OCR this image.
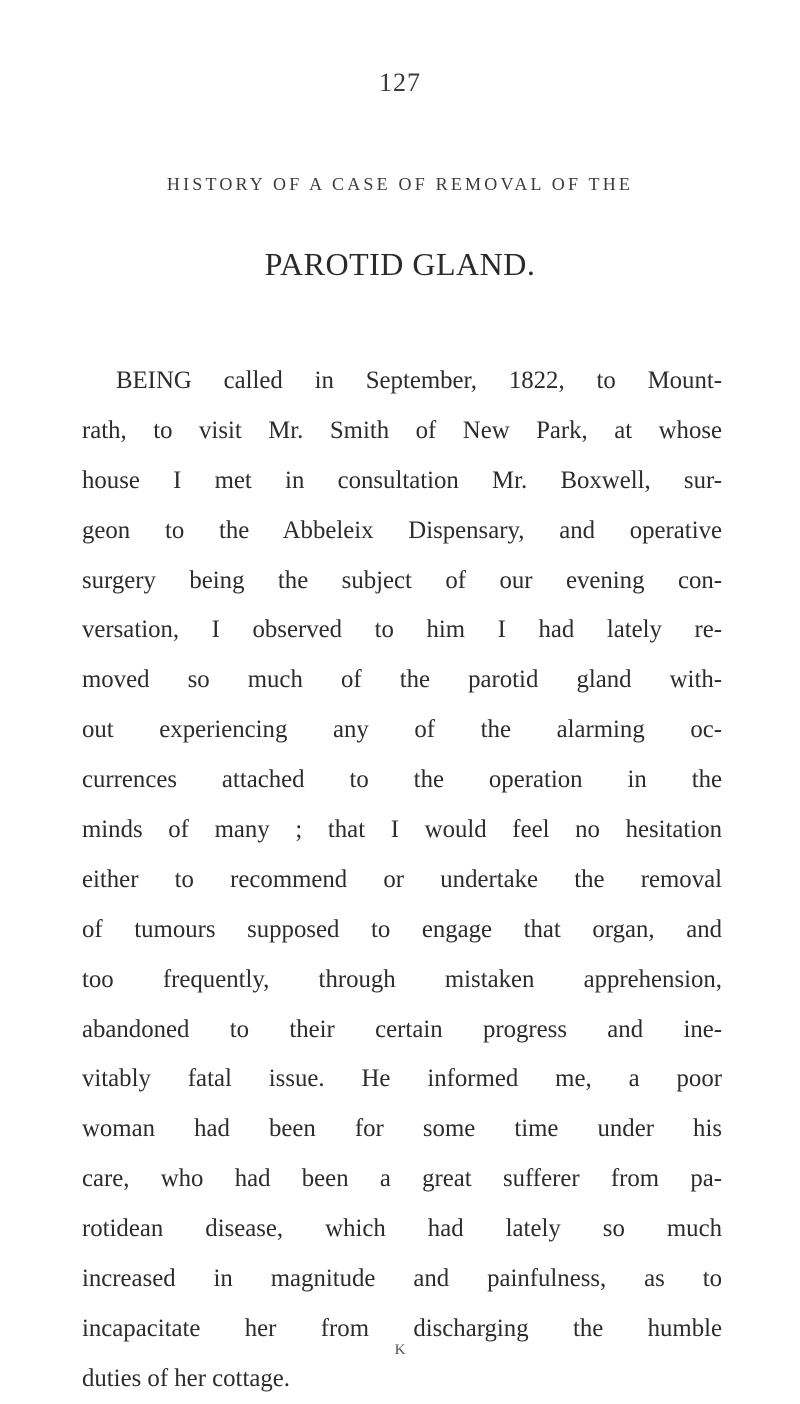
127
HISTORY OF A CASE OF REMOVAL OF THE
PAROTID GLAND.
BEING called in September, 1822, to Mount-
rath, to visit Mr. Smith of New Park, at whose
house I met in consultation Mr. Boxwell, sur-
geon to the Abbeleix Dispensary, and operative
surgery being the subject of our evening con-
versation, I observed to him I had lately re-
moved so much of the parotid gland with-
out experiencing any of the alarming oc-
currences attached to the operation in the
minds of many ; that I would feel no hesitation
either to recommend or undertake the removal
of tumours supposed to engage that organ, and
too frequently, through mistaken apprehension,
abandoned to their certain progress and ine-
vitably fatal issue. He informed me, a poor
woman had been for some time under his
care, who had been a great sufferer from pa-
rotidean disease, which had lately so much
increased in magnitude and painfulness, as to
incapacitate her from discharging the humble
duties of her cottage.
K
